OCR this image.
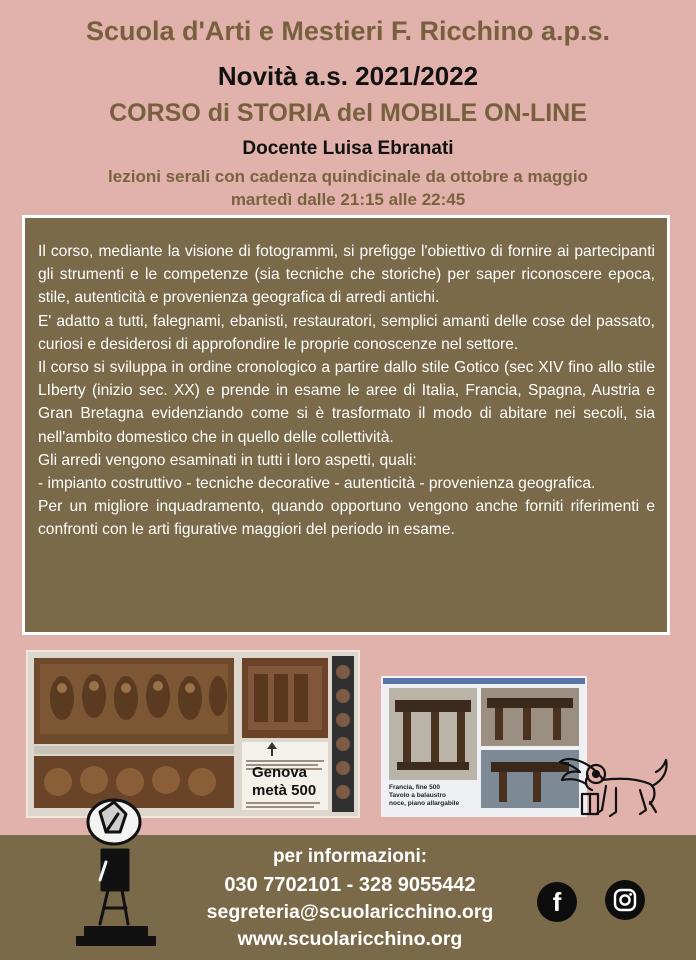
Scuola d'Arti e Mestieri F. Ricchino a.p.s.
Novità a.s. 2021/2022
CORSO di STORIA del MOBILE ON-LINE
Docente Luisa Ebranati
lezioni serali con cadenza quindicinale da ottobre a maggio
martedì dalle 21:15 alle 22:45

Il corso, mediante la visione di fotogrammi, si prefigge l'obiettivo di fornire ai partecipanti gli strumenti e le competenze (sia tecniche che storiche) per saper riconoscere epoca, stile, autenticità e provenienza geografica di arredi antichi.

E' adatto a tutti, falegnami, ebanisti, restauratori, semplici amanti delle cose del passato, curiosi e desiderosi di approfondire le proprie conoscenze nel settore.

Il corso si sviluppa in ordine cronologico a partire dallo stile Gotico (sec XIV fino allo stile LIberty (inizio sec. XX) e prende in esame le aree di Italia, Francia, Spagna, Austria e Gran Bretagna evidenziando come si è trasformato il modo di abitare nei secoli, sia nell'ambito domestico che in quello delle collettività.

Gli arredi vengono esaminati in tutti i loro aspetti, quali:

- impianto costruttivo - tecniche decorative - autenticità - provenienza geografica.

Per un migliore inquadramento, quando opportuno vengono anche forniti riferimenti e confronti con le arti figurative maggiori del periodo in esame.

Genova metà 500	Francia, fine 500
Tavolo a balaustro
noce, piano allargabile
per informazioni:
030 7702101 - 328 9055442
segreteria@scuolaricchino.org
www.scuolaricchino.org
f
